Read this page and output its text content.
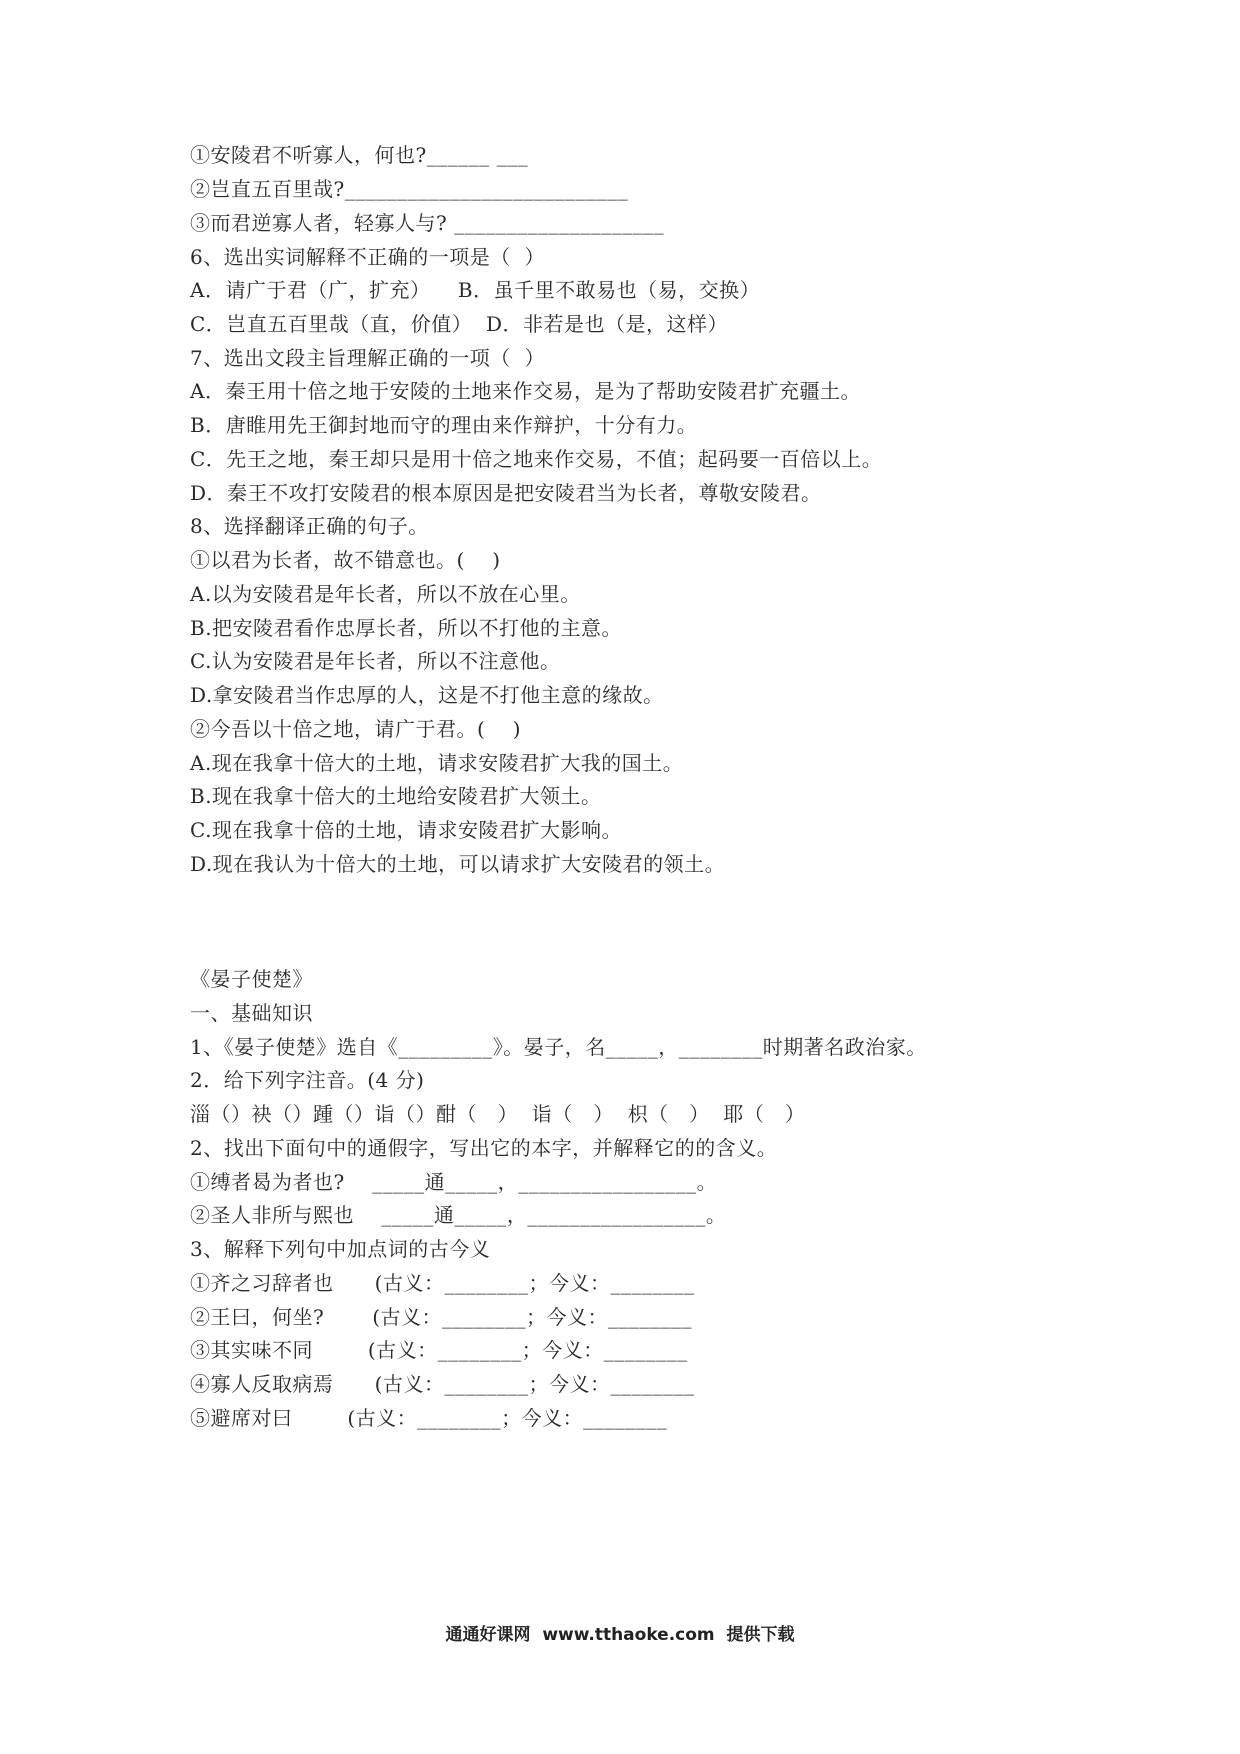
①安陵君不听寡人，何也?______ ___
②岂直五百里哉?___________________________
③而君逆寡人者，轻寡人与? ____________________
6、选出实词解释不正确的一项是（  ）
A．请广于君（广，扩充）    B．虽千里不敢易也（易，交换）
C．岂直五百里哉（直，价值）  D．非若是也（是，这样）
7、选出文段主旨理解正确的一项（  ）
A．秦王用十倍之地于安陵的土地来作交易，是为了帮助安陵君扩充疆土。
B．唐睢用先王御封地而守的理由来作辩护，十分有力。
C．先王之地，秦王却只是用十倍之地来作交易，不值；起码要一百倍以上。
D．秦王不攻打安陵君的根本原因是把安陵君当为长者，尊敬安陵君。
8、选择翻译正确的句子。
①以君为长者，故不错意也。(    )
A.以为安陵君是年长者，所以不放在心里。
B.把安陵君看作忠厚长者，所以不打他的主意。
C.认为安陵君是年长者，所以不注意他。
D.拿安陵君当作忠厚的人，这是不打他主意的缘故。
②今吾以十倍之地，请广于君。(    )
A.现在我拿十倍大的土地，请求安陵君扩大我的国土。
B.现在我拿十倍大的土地给安陵君扩大领土。
C.现在我拿十倍的土地，请求安陵君扩大影响。
D.现在我认为十倍大的土地，可以请求扩大安陵君的领土。
《晏子使楚》
一、基础知识
1、《晏子使楚》选自《_________》。晏子，名_____，________时期著名政治家。
2．给下列字注音。(4 分)
淄（）袂（）踵（）诣（）酣（   ）  诣（   ）  枳（   ）  耶（   ）
2、找出下面句中的通假字，写出它的本字，并解释它的的含义。
①缚者曷为者也?    _____通_____，_________________。
②圣人非所与熙也    _____通_____，_________________。
3、解释下列句中加点词的古今义
①齐之习辞者也      (古义：________；今义：________
②王曰，何坐?       (古义：________；今义：________
③其实味不同        (古义：________；今义：________
④寡人反取病焉      (古义：________；今义：________
⑤避席对曰        (古义：________；今义：________
通通好课网  www.tthaoke.com  提供下载
